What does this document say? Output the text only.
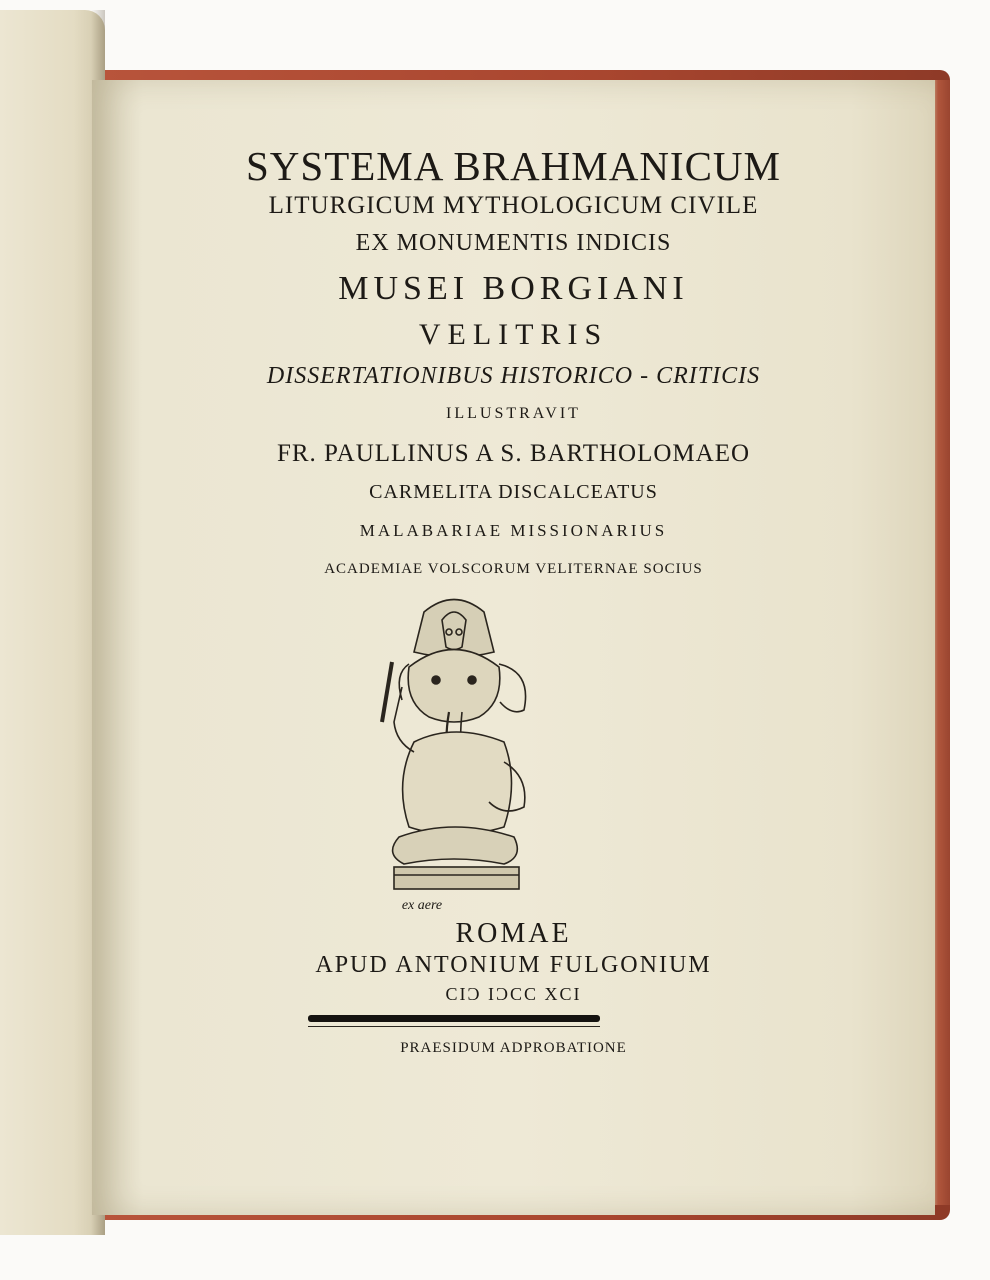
SYSTEMA BRAHMANICUM

LITURGICUM MYTHOLOGICUM CIVILE

EX MONUMENTIS INDICIS

MUSEI BORGIANI

VELITRIS

DISSERTATIONIBUS HISTORICO - CRITICIS

ILLUSTRAVIT

FR. PAULLINUS A S. BARTHOLOMAEO

CARMELITA DISCALCEATUS

MALABARIAE MISSIONARIUS

ACADEMIAE VOLSCORUM VELITERNAE SOCIUS

ex aere

ROMAE

APUD ANTONIUM FULGONIUM

CIϽ IϽCC XCI

PRAESIDUM ADPROBATIONE
